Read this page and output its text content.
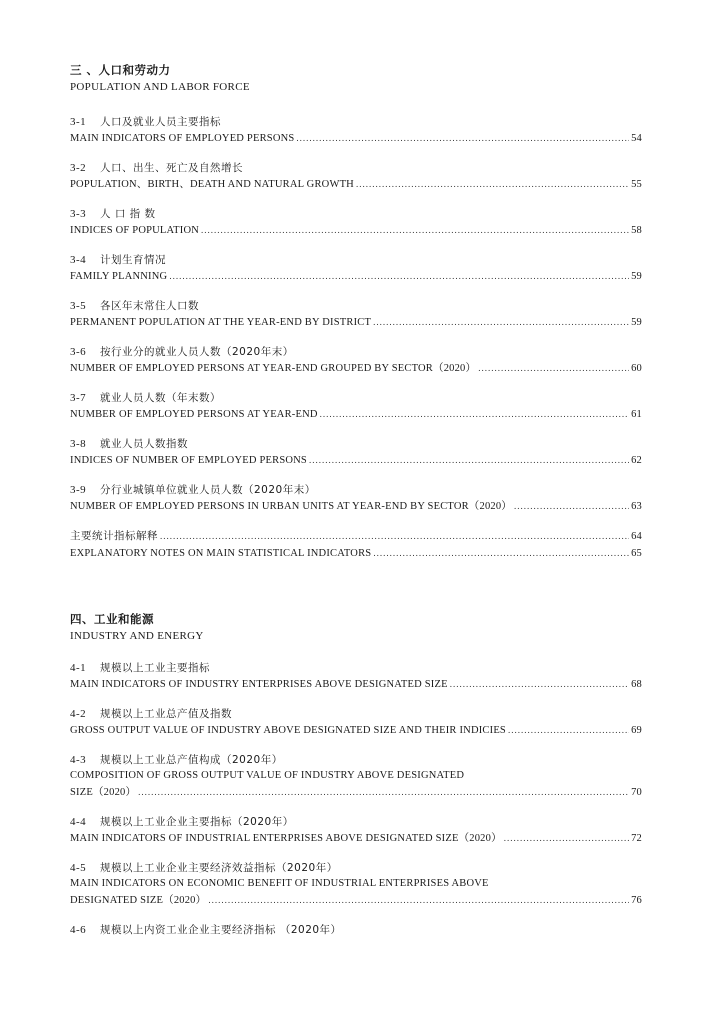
三 、人口和劳动力
POPULATION AND LABOR FORCE
3-1 人口及就业人员主要指标
MAIN INDICATORS OF EMPLOYED PERSONS .....	54
3-2 人口、出生、死亡及自然增长
POPULATION、BIRTH、DEATH AND NATURAL GROWTH .....	55
3-3 人 口 指 数
INDICES OF POPULATION .....	58
3-4 计划生育情况
FAMILY PLANNING .....	59
3-5 各区年末常住人口数
PERMANENT POPULATION AT THE YEAR-END BY DISTRICT .....	59
3-6 按行业分的就业人员人数（2020年末）
NUMBER OF EMPLOYED PERSONS AT YEAR-END GROUPED BY SECTOR（2020） .....	60
3-7 就业人员人数（年末数）
NUMBER OF EMPLOYED PERSONS AT YEAR-END .....	61
3-8 就业人员人数指数
INDICES OF NUMBER OF EMPLOYED PERSONS .....	62
3-9 分行业城镇单位就业人员人数（2020年末）
NUMBER OF EMPLOYED PERSONS IN URBAN UNITS AT YEAR-END BY SECTOR（2020） .....	63
主要统计指标解释 .....	64
EXPLANATORY NOTES ON MAIN STATISTICAL INDICATORS .....	65
四、工业和能源
INDUSTRY AND ENERGY
4-1 规模以上工业主要指标
MAIN INDICATORS OF INDUSTRY ENTERPRISES ABOVE DESIGNATED SIZE .....	68
4-2 规模以上工业总产值及指数
GROSS OUTPUT VALUE OF INDUSTRY ABOVE DESIGNATED SIZE AND THEIR INDICIES .....	69
4-3 规模以上工业总产值构成（2020年）
COMPOSITION OF GROSS OUTPUT VALUE OF INDUSTRY ABOVE DESIGNATED
SIZE（2020） .....	70
4-4 规模以上工业企业主要指标（2020年）
MAIN INDICATORS OF INDUSTRIAL ENTERPRISES ABOVE DESIGNATED SIZE（2020） .....	72
4-5 规模以上工业企业主要经济效益指标（2020年）
MAIN INDICATORS ON ECONOMIC BENEFIT OF INDUSTRIAL ENTERPRISES ABOVE
DESIGNATED SIZE（2020） .....	76
4-6 规模以上内资工业企业主要经济指标 （2020年）
